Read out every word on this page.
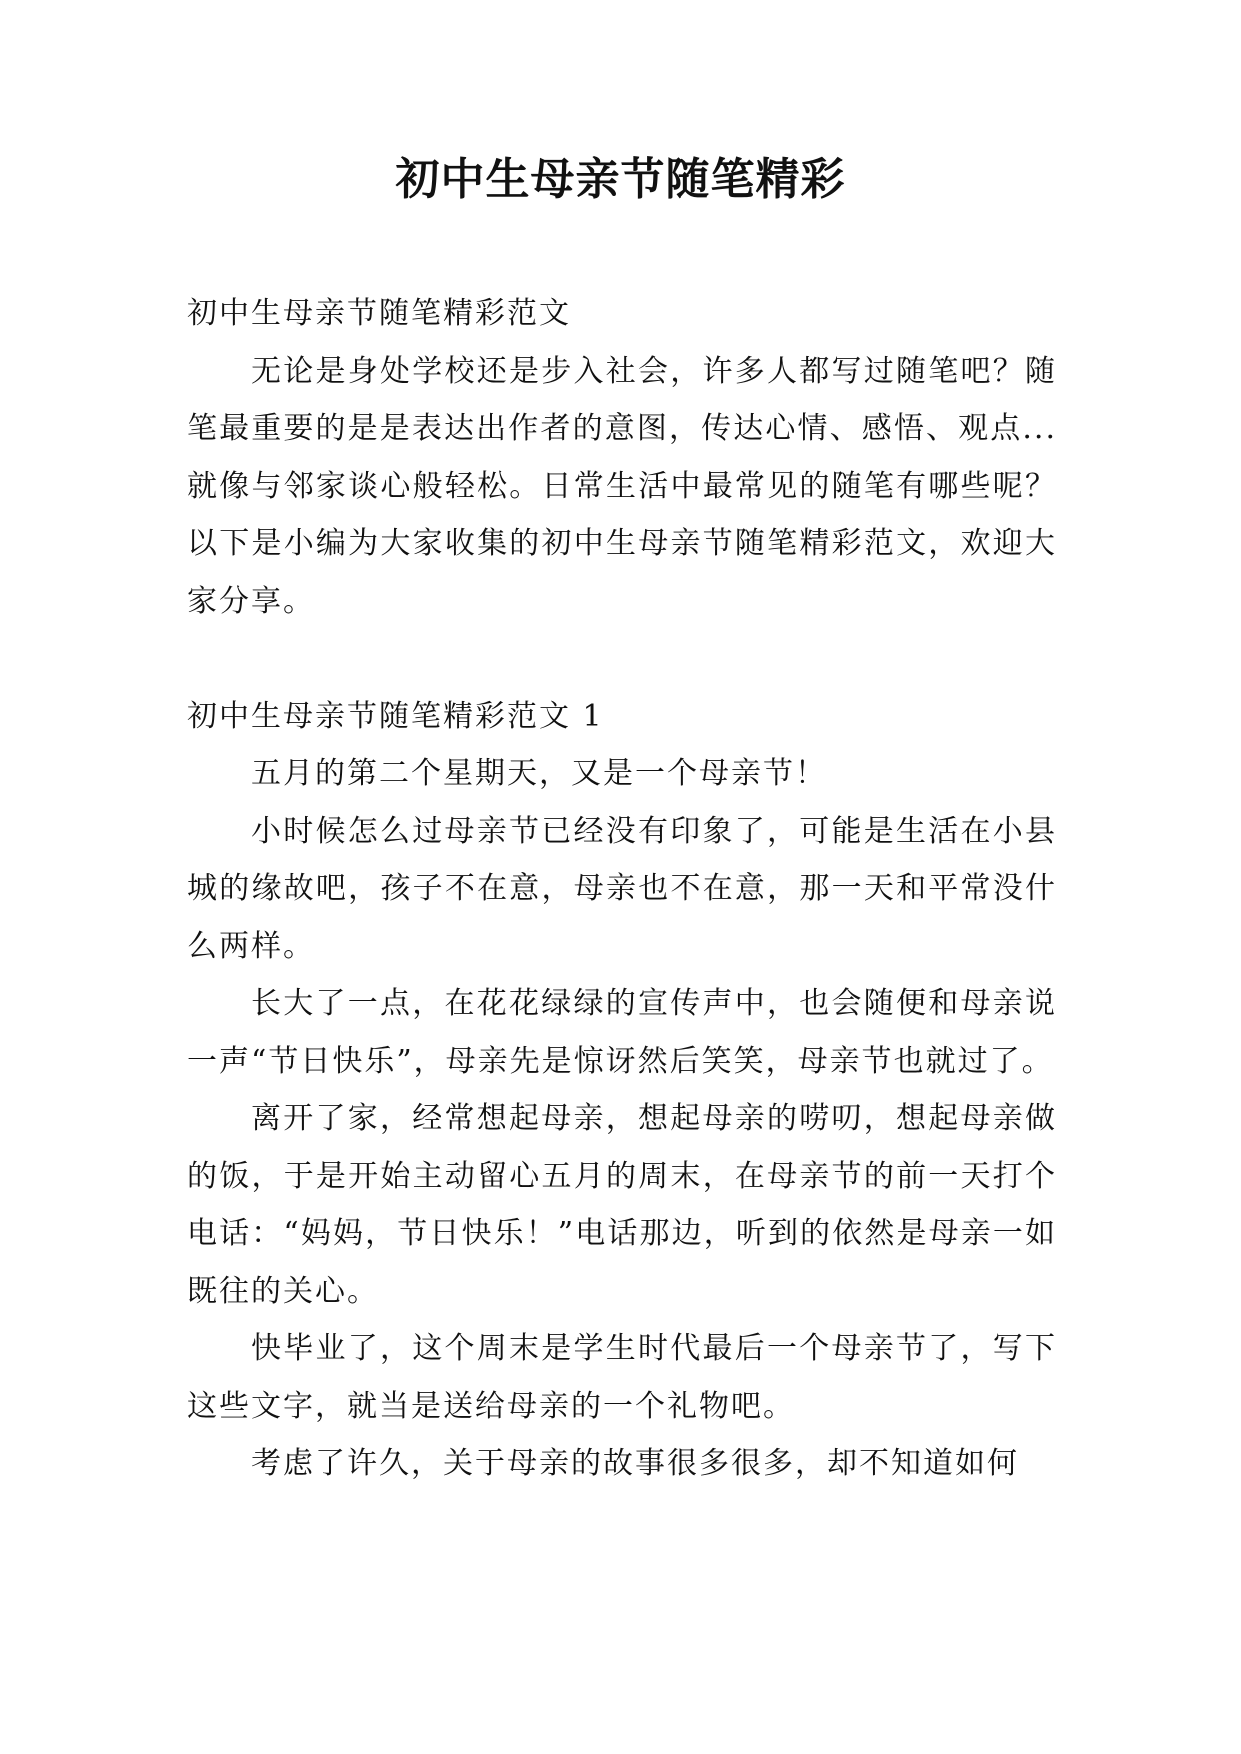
初中生母亲节随笔精彩

初中生母亲节随笔精彩范文

无论是身处学校还是步入社会，许多人都写过随笔吧？随笔最重要的是是表达出作者的意图，传达心情、感悟、观点...就像与邻家谈心般轻松。日常生活中最常见的随笔有哪些呢？以下是小编为大家收集的初中生母亲节随笔精彩范文，欢迎大家分享。

初中生母亲节随笔精彩范文 1

五月的第二个星期天，又是一个母亲节！

小时候怎么过母亲节已经没有印象了，可能是生活在小县城的缘故吧，孩子不在意，母亲也不在意，那一天和平常没什么两样。

长大了一点，在花花绿绿的宣传声中，也会随便和母亲说一声“节日快乐”，母亲先是惊讶然后笑笑，母亲节也就过了。

离开了家，经常想起母亲，想起母亲的唠叨，想起母亲做的饭，于是开始主动留心五月的周末，在母亲节的前一天打个电话：“妈妈，节日快乐！”电话那边，听到的依然是母亲一如既往的关心。

快毕业了，这个周末是学生时代最后一个母亲节了，写下这些文字，就当是送给母亲的一个礼物吧。

考虑了许久，关于母亲的故事很多很多，却不知道如何
